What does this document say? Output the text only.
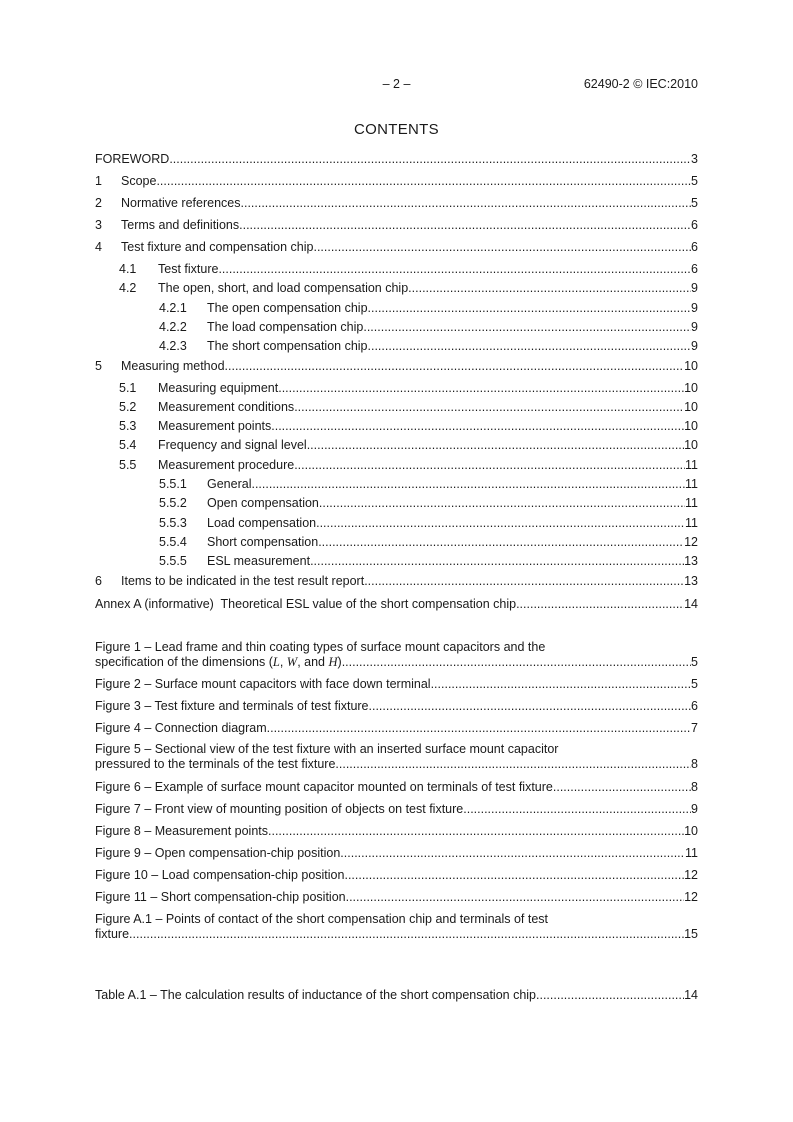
– 2 –	62490-2 © IEC:2010
CONTENTS
FOREWORD .....	3
1	Scope .....	5
2	Normative references .....	5
3	Terms and definitions .....	6
4	Test fixture and compensation chip .....	6
4.1	Test fixture .....	6
4.2	The open, short, and load compensation chip .....	9
4.2.1	The open compensation chip .....	9
4.2.2	The load compensation chip .....	9
4.2.3	The short compensation chip .....	9
5	Measuring method .....	10
5.1	Measuring equipment .....	10
5.2	Measurement conditions .....	10
5.3	Measurement points .....	10
5.4	Frequency and signal level .....	10
5.5	Measurement procedure .....	11
5.5.1	General .....	11
5.5.2	Open compensation .....	11
5.5.3	Load compensation .....	11
5.5.4	Short compensation .....	12
5.5.5	ESL measurement .....	13
6	Items to be indicated in the test result report .....	13
Annex A (informative)  Theoretical ESL value of the short compensation chip .....	14
Figure 1 – Lead frame and thin coating types of surface mount capacitors and the
specification of the dimensions (L, W, and H) .....	5
Figure 2 – Surface mount capacitors with face down terminal .....	5
Figure 3 – Test fixture and terminals of test fixture .....	6
Figure 4 – Connection diagram .....	7
Figure 5 – Sectional view of the test fixture with an inserted surface mount capacitor
pressured to the terminals of the test fixture .....	8
Figure 6 – Example of surface mount capacitor mounted on terminals of test fixture .....	8
Figure 7 – Front view of mounting position of objects on test fixture .....	9
Figure 8 – Measurement points .....	10
Figure 9 – Open compensation-chip position .....	11
Figure 10 – Load compensation-chip position .....	12
Figure 11 – Short compensation-chip position .....	12
Figure A.1 – Points of contact of the short compensation chip and terminals of test
fixture .....	15
Table A.1 – The calculation results of inductance of the short compensation chip .....	14
